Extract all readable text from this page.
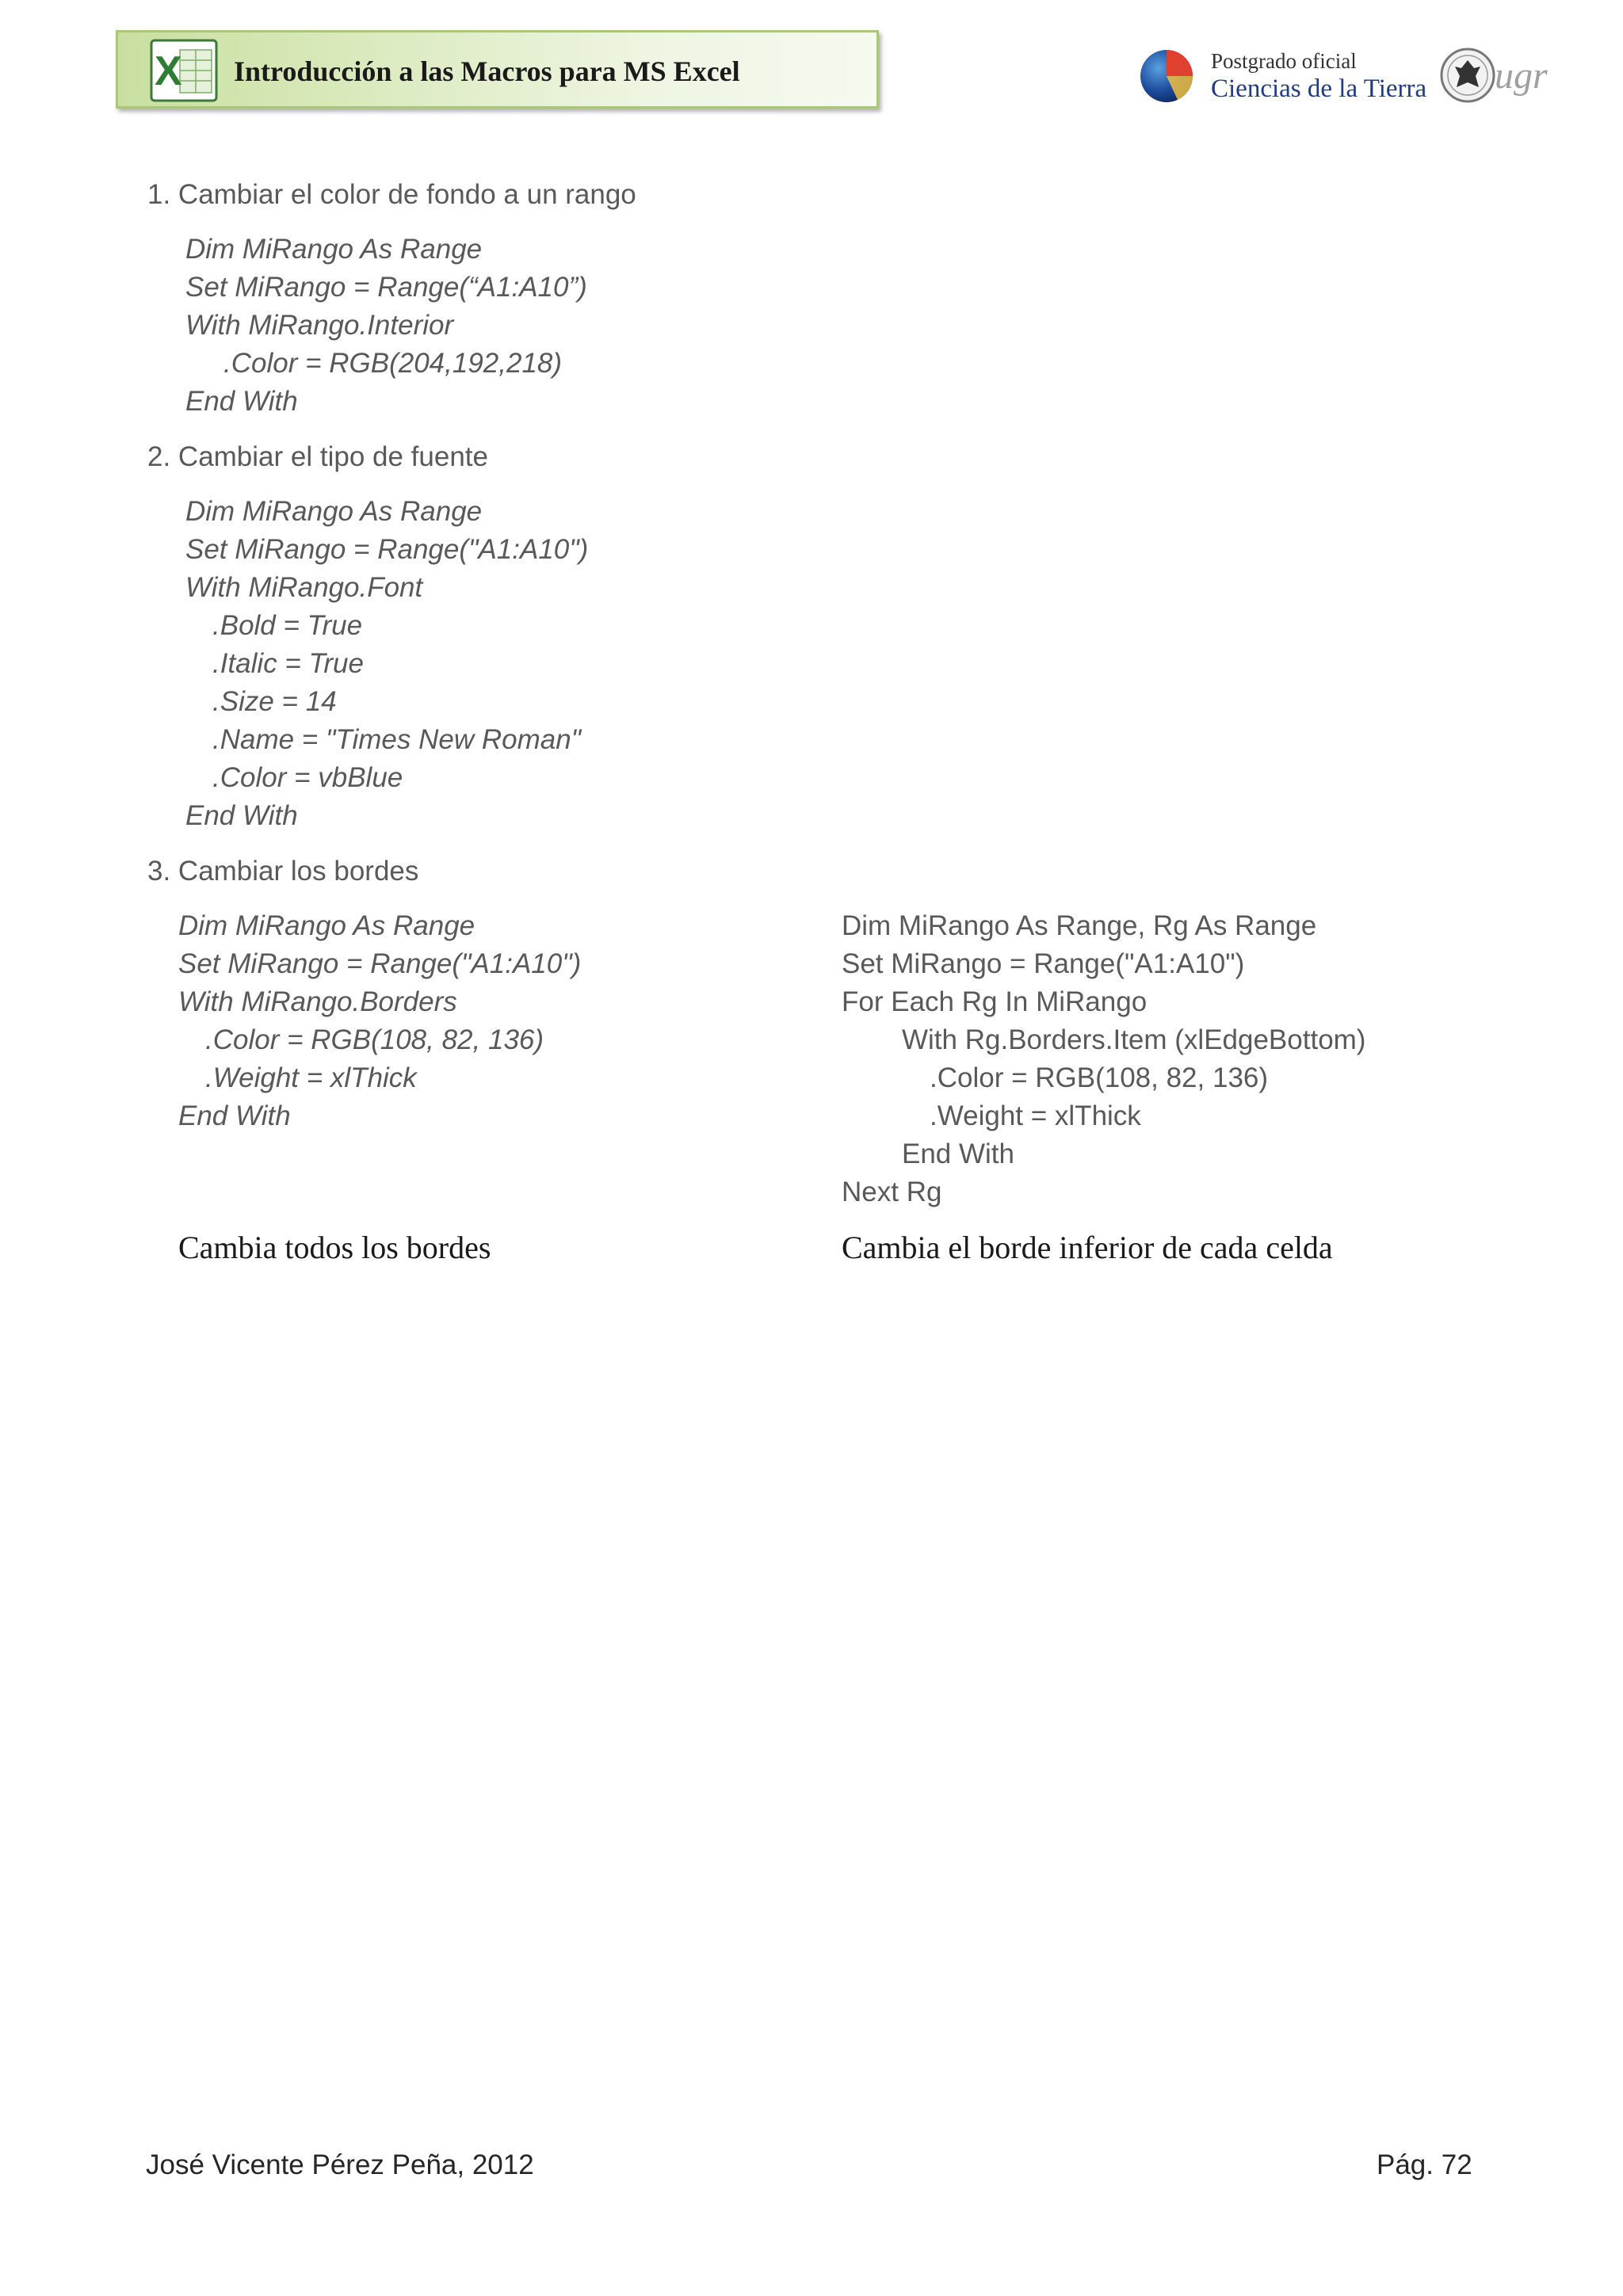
X Introducción a las Macros para MS Excel	Postgrado oficial
Ciencias de la Tierra ugr
1. Cambiar el color de fondo a un rango
Dim MiRango As Range
Set MiRango = Range(“A1:A10”)
With MiRango.Interior
.Color = RGB(204,192,218)
End With
2. Cambiar el tipo de fuente
Dim MiRango As Range
Set MiRango = Range("A1:A10")
With MiRango.Font
.Bold = True
.Italic = True
.Size = 14
.Name = "Times New Roman"
.Color = vbBlue
End With
3. Cambiar los bordes
Dim MiRango As Range
Set MiRango = Range("A1:A10")
With MiRango.Borders
.Color = RGB(108, 82, 136)
.Weight = xlThick
End With
Dim MiRango As Range, Rg As Range
Set MiRango = Range("A1:A10")
For Each Rg In MiRango
With Rg.Borders.Item (xlEdgeBottom)
.Color = RGB(108, 82, 136)
.Weight = xlThick
End With
Next Rg
Cambia todos los bordes	Cambia el borde inferior de cada celda
José Vicente Pérez Peña, 2012	Pág. 72
